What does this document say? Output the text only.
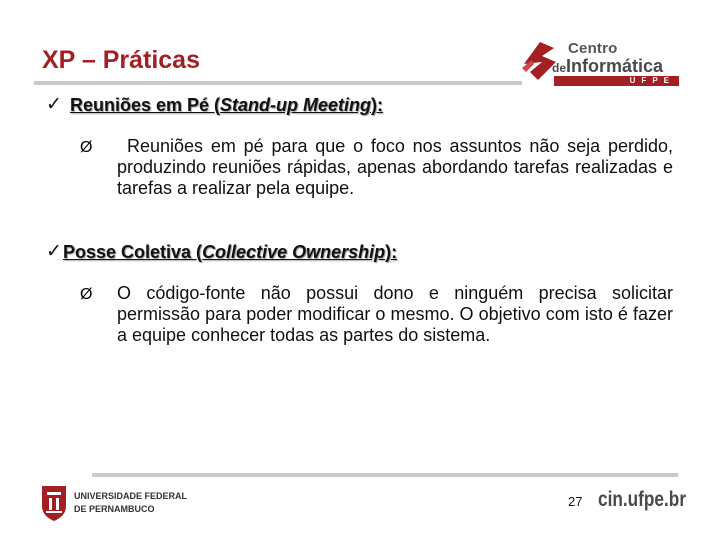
XP – Práticas	Centro
deInformática
UFPE
✓ Reuniões em Pé (Stand-up Meeting):
Ø	Reuniões em pé para que o foco nos assuntos não seja perdido, produzindo reuniões rápidas, apenas abordando tarefas realizadas e tarefas a realizar pela equipe.
✓ Posse Coletiva (Collective Ownership):
Ø O código-fonte não possui dono e ninguém precisa solicitar permissão para poder modificar o mesmo. O objetivo com isto é fazer a equipe conhecer todas as partes do sistema.
UNIVERSIDADE FEDERAL
DE PERNAMBUCO	27 cin.ufpe.br
